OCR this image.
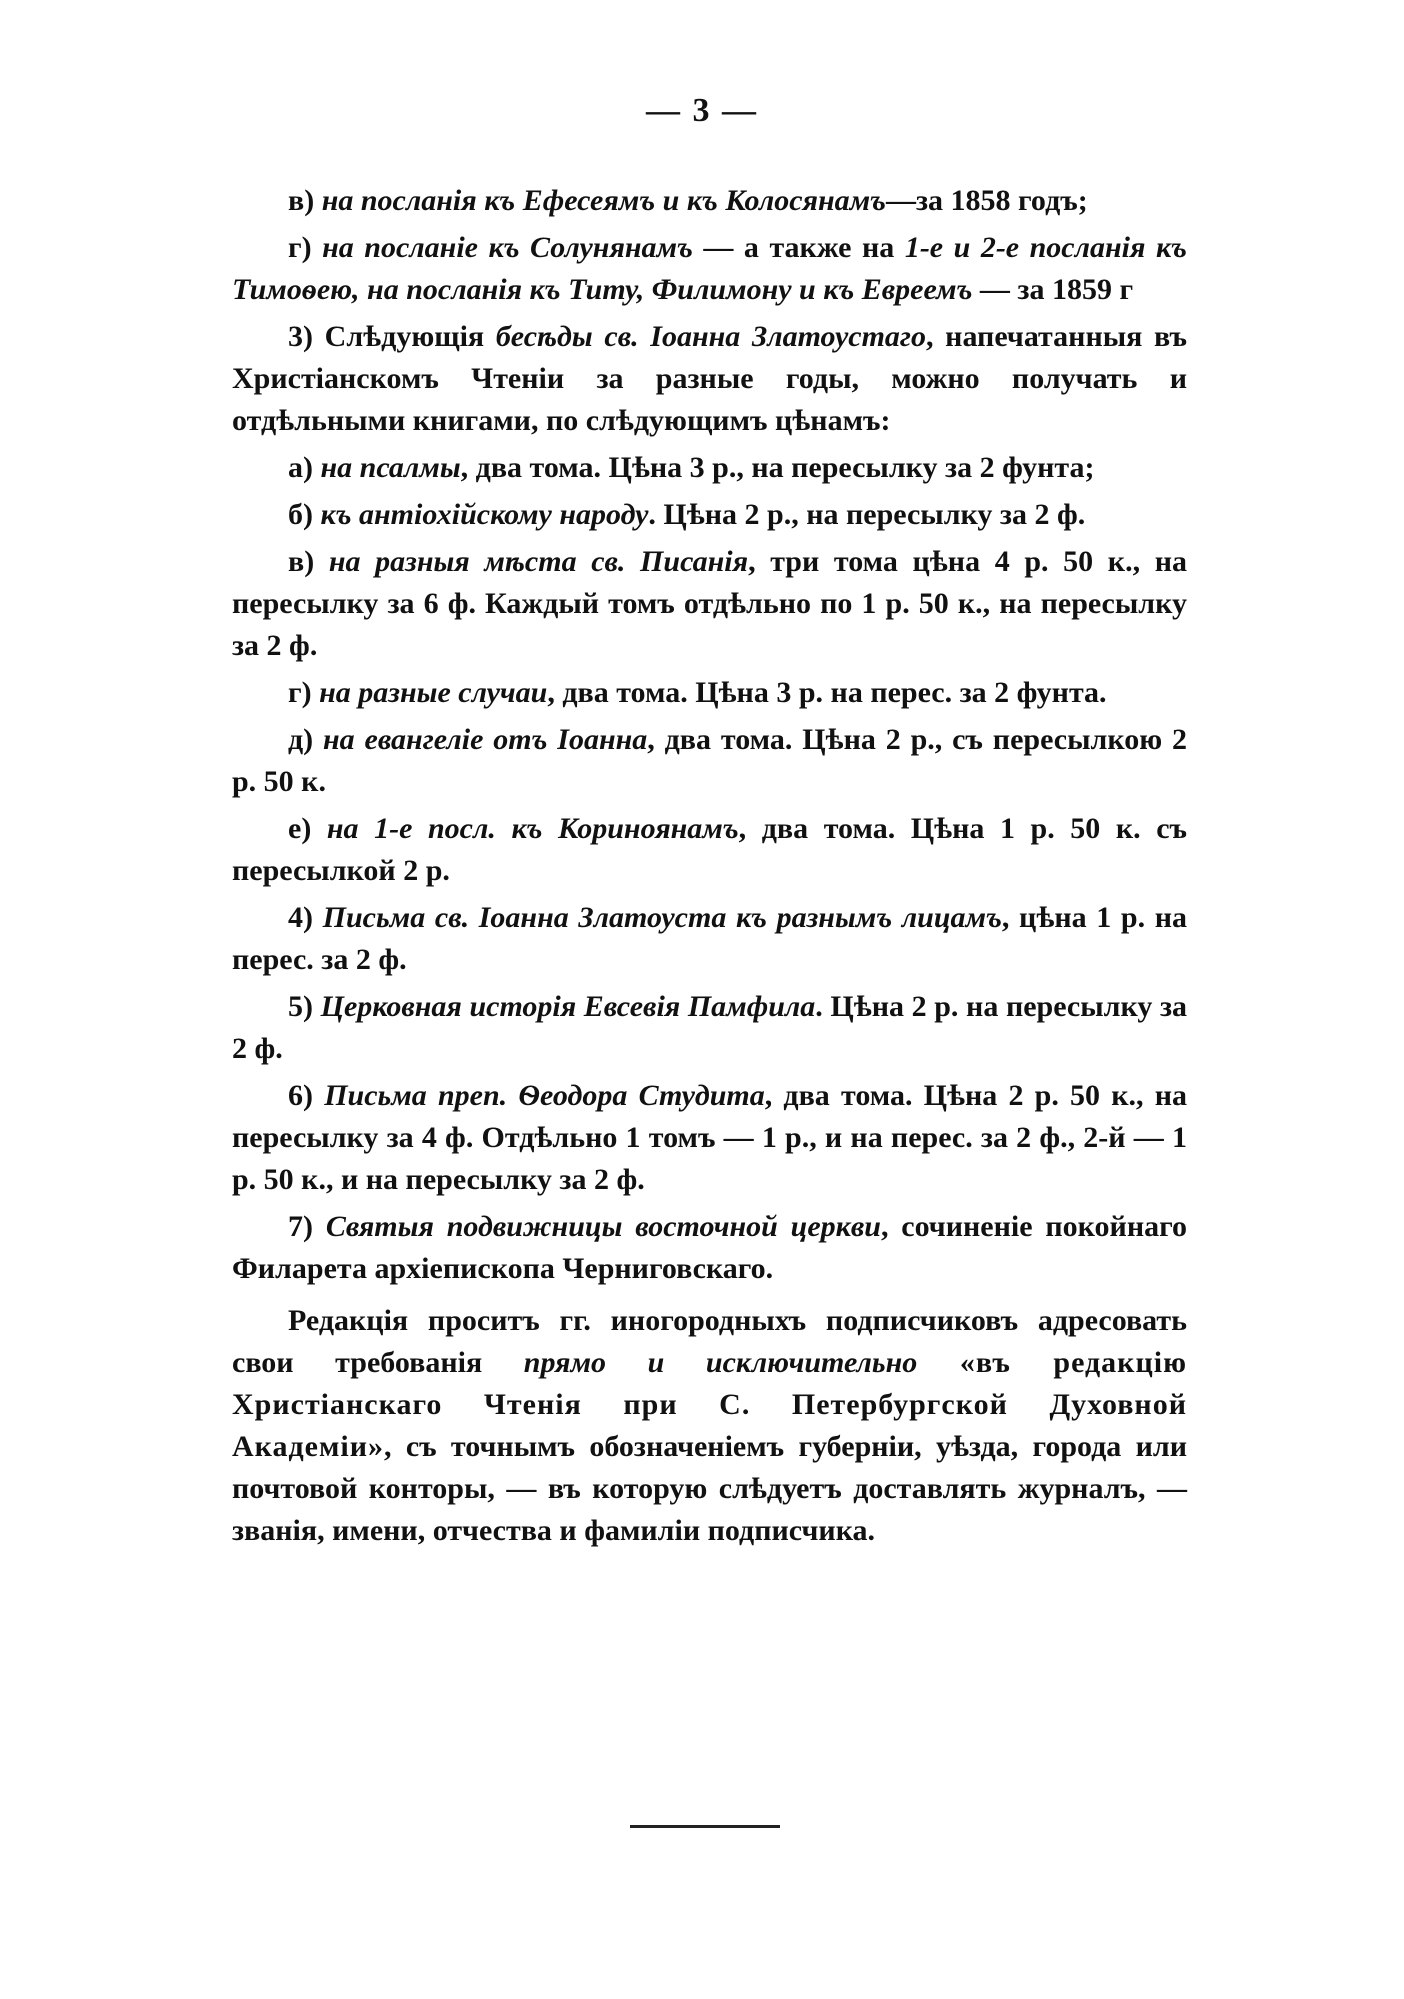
— 3 —

в) на посланія къ Ефесеямъ и къ Колосянамъ—за 1858 годъ;

г) на посланіе къ Солунянамъ — а также на 1-е и 2-е посланія къ Тимоѳею, на посланія къ Титу, Филимону и къ Евреемъ — за 1859 г

3) Слѣдующія бесѣды св. Іоанна Златоустаго, напечатанныя въ Христіанскомъ Чтеніи за разные годы, можно получать и отдѣльными книгами, по слѣдующимъ цѣнамъ:

а) на псалмы, два тома. Цѣна 3 р., на пересылку за 2 фунта;

б) къ антіохійскому народу. Цѣна 2 р., на пересылку за 2 ф.

в) на разныя мѣста св. Писанія, три тома цѣна 4 р. 50 к., на пересылку за 6 ф. Каждый томъ отдѣльно по 1 р. 50 к., на пересылку за 2 ф.

г) на разные случаи, два тома. Цѣна 3 р. на перес. за 2 фунта.

д) на евангеліе отъ Іоанна, два тома. Цѣна 2 р., съ пересылкою 2 р. 50 к.

е) на 1-е посл. къ Кориноянамъ, два тома. Цѣна 1 р. 50 к. съ пересылкой 2 р.

4) Письма св. Іоанна Златоуста къ разнымъ лицамъ, цѣна 1 р. на перес. за 2 ф.

5) Церковная исторія Евсевія Памфила. Цѣна 2 р. на пересылку за 2 ф.

6) Письма преп. Ѳеодора Студита, два тома. Цѣна 2 р. 50 к., на пересылку за 4 ф. Отдѣльно 1 томъ — 1 р., и на перес. за 2 ф., 2-й — 1 р. 50 к., и на пересылку за 2 ф.

7) Святыя подвижницы восточной церкви, сочиненіе покойнаго Филарета архіепископа Черниговскаго.

Редакція проситъ гг. иногородныхъ подписчиковъ адресовать свои требованія прямо и исключительно «въ редакцію Христіанскаго Чтенія при С. Петербургской Духовной Академіи», съ точнымъ обозначеніемъ губерніи, уѣзда, города или почтовой конторы, — въ которую слѣдуетъ доставлять журналъ, — званія, имени, отчества и фамиліи подписчика.
